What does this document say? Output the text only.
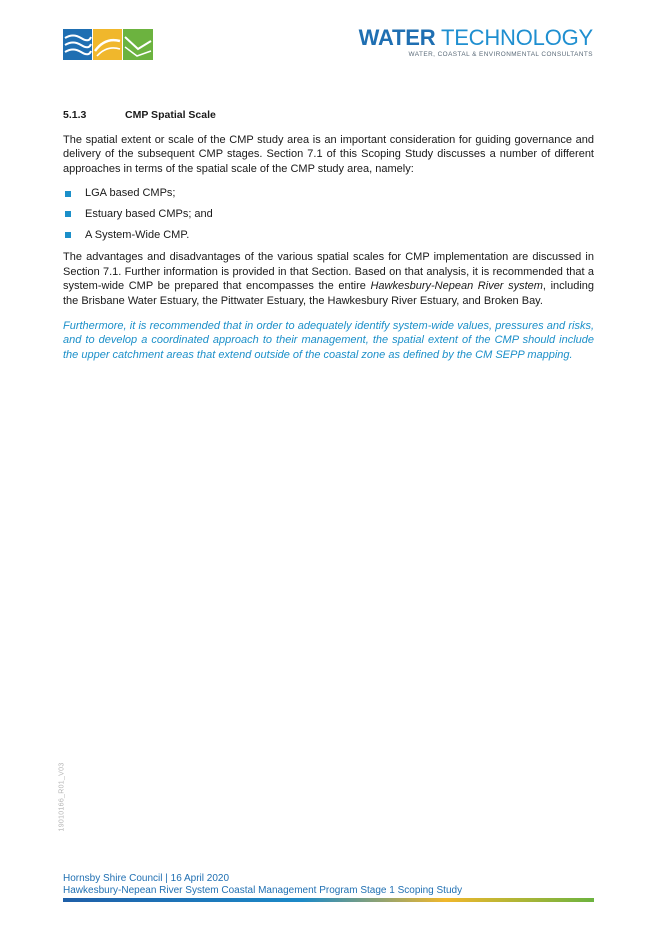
WATER TECHNOLOGY
WATER, COASTAL & ENVIRONMENTAL CONSULTANTS
5.1.3	CMP Spatial Scale

The spatial extent or scale of the CMP study area is an important consideration for guiding governance and delivery of the subsequent CMP stages. Section 7.1 of this Scoping Study discusses a number of different approaches in terms of the spatial scale of the CMP study area, namely:

LGA based CMPs;
Estuary based CMPs; and
A System-Wide CMP.

The advantages and disadvantages of the various spatial scales for CMP implementation are discussed in Section 7.1. Further information is provided in that Section. Based on that analysis, it is recommended that a system-wide CMP be prepared that encompasses the entire Hawkesbury-Nepean River system, including the Brisbane Water Estuary, the Pittwater Estuary, the Hawkesbury River Estuary, and Broken Bay.

Furthermore, it is recommended that in order to adequately identify system-wide values, pressures and risks, and to develop a coordinated approach to their management, the spatial extent of the CMP should include the upper catchment areas that extend outside of the coastal zone as defined by the CM SEPP mapping.

19010166_R01_V03
Hornsby Shire Council | 16 April 2020
Hawkesbury-Nepean River System Coastal Management Program Stage 1 Scoping Study
